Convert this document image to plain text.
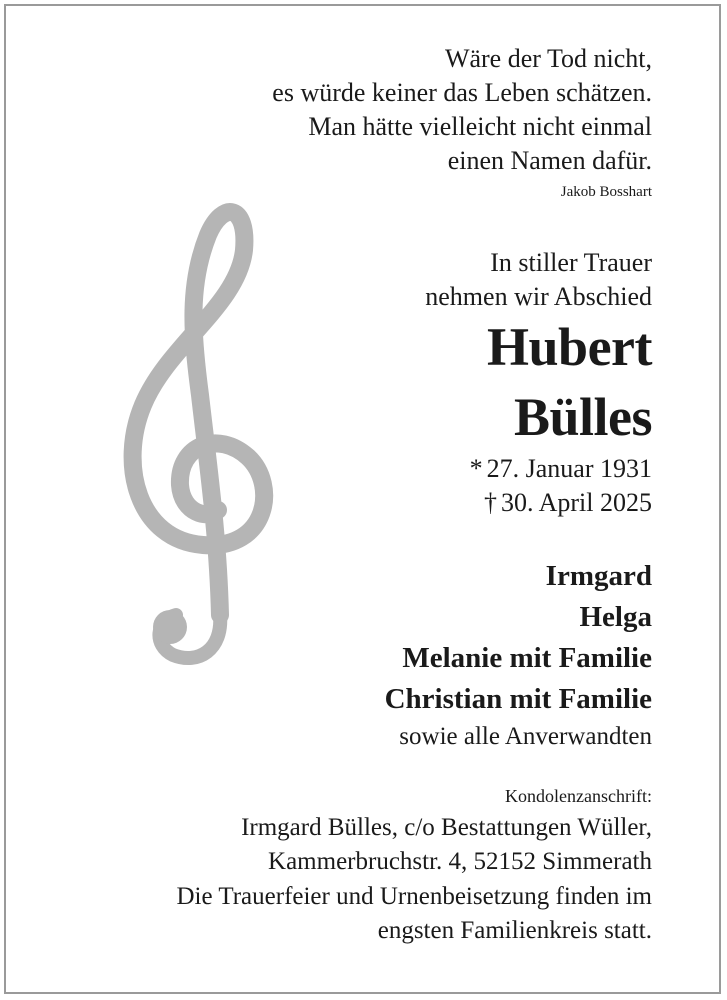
Wäre der Tod nicht,
es würde keiner das Leben schätzen.
Man hätte vielleicht nicht einmal
einen Namen dafür.
Jakob Bosshart
In stiller Trauer
nehmen wir Abschied
Hubert
Bülles
* 27. Januar 1931
† 30. April 2025
Irmgard
Helga
Melanie mit Familie
Christian mit Familie
sowie alle Anverwandten
Kondolenzanschrift:
Irmgard Bülles, c/o Bestattungen Wüller,
Kammerbruchstr. 4, 52152 Simmerath
Die Trauerfeier und Urnenbeisetzung finden im
engsten Familienkreis statt.
